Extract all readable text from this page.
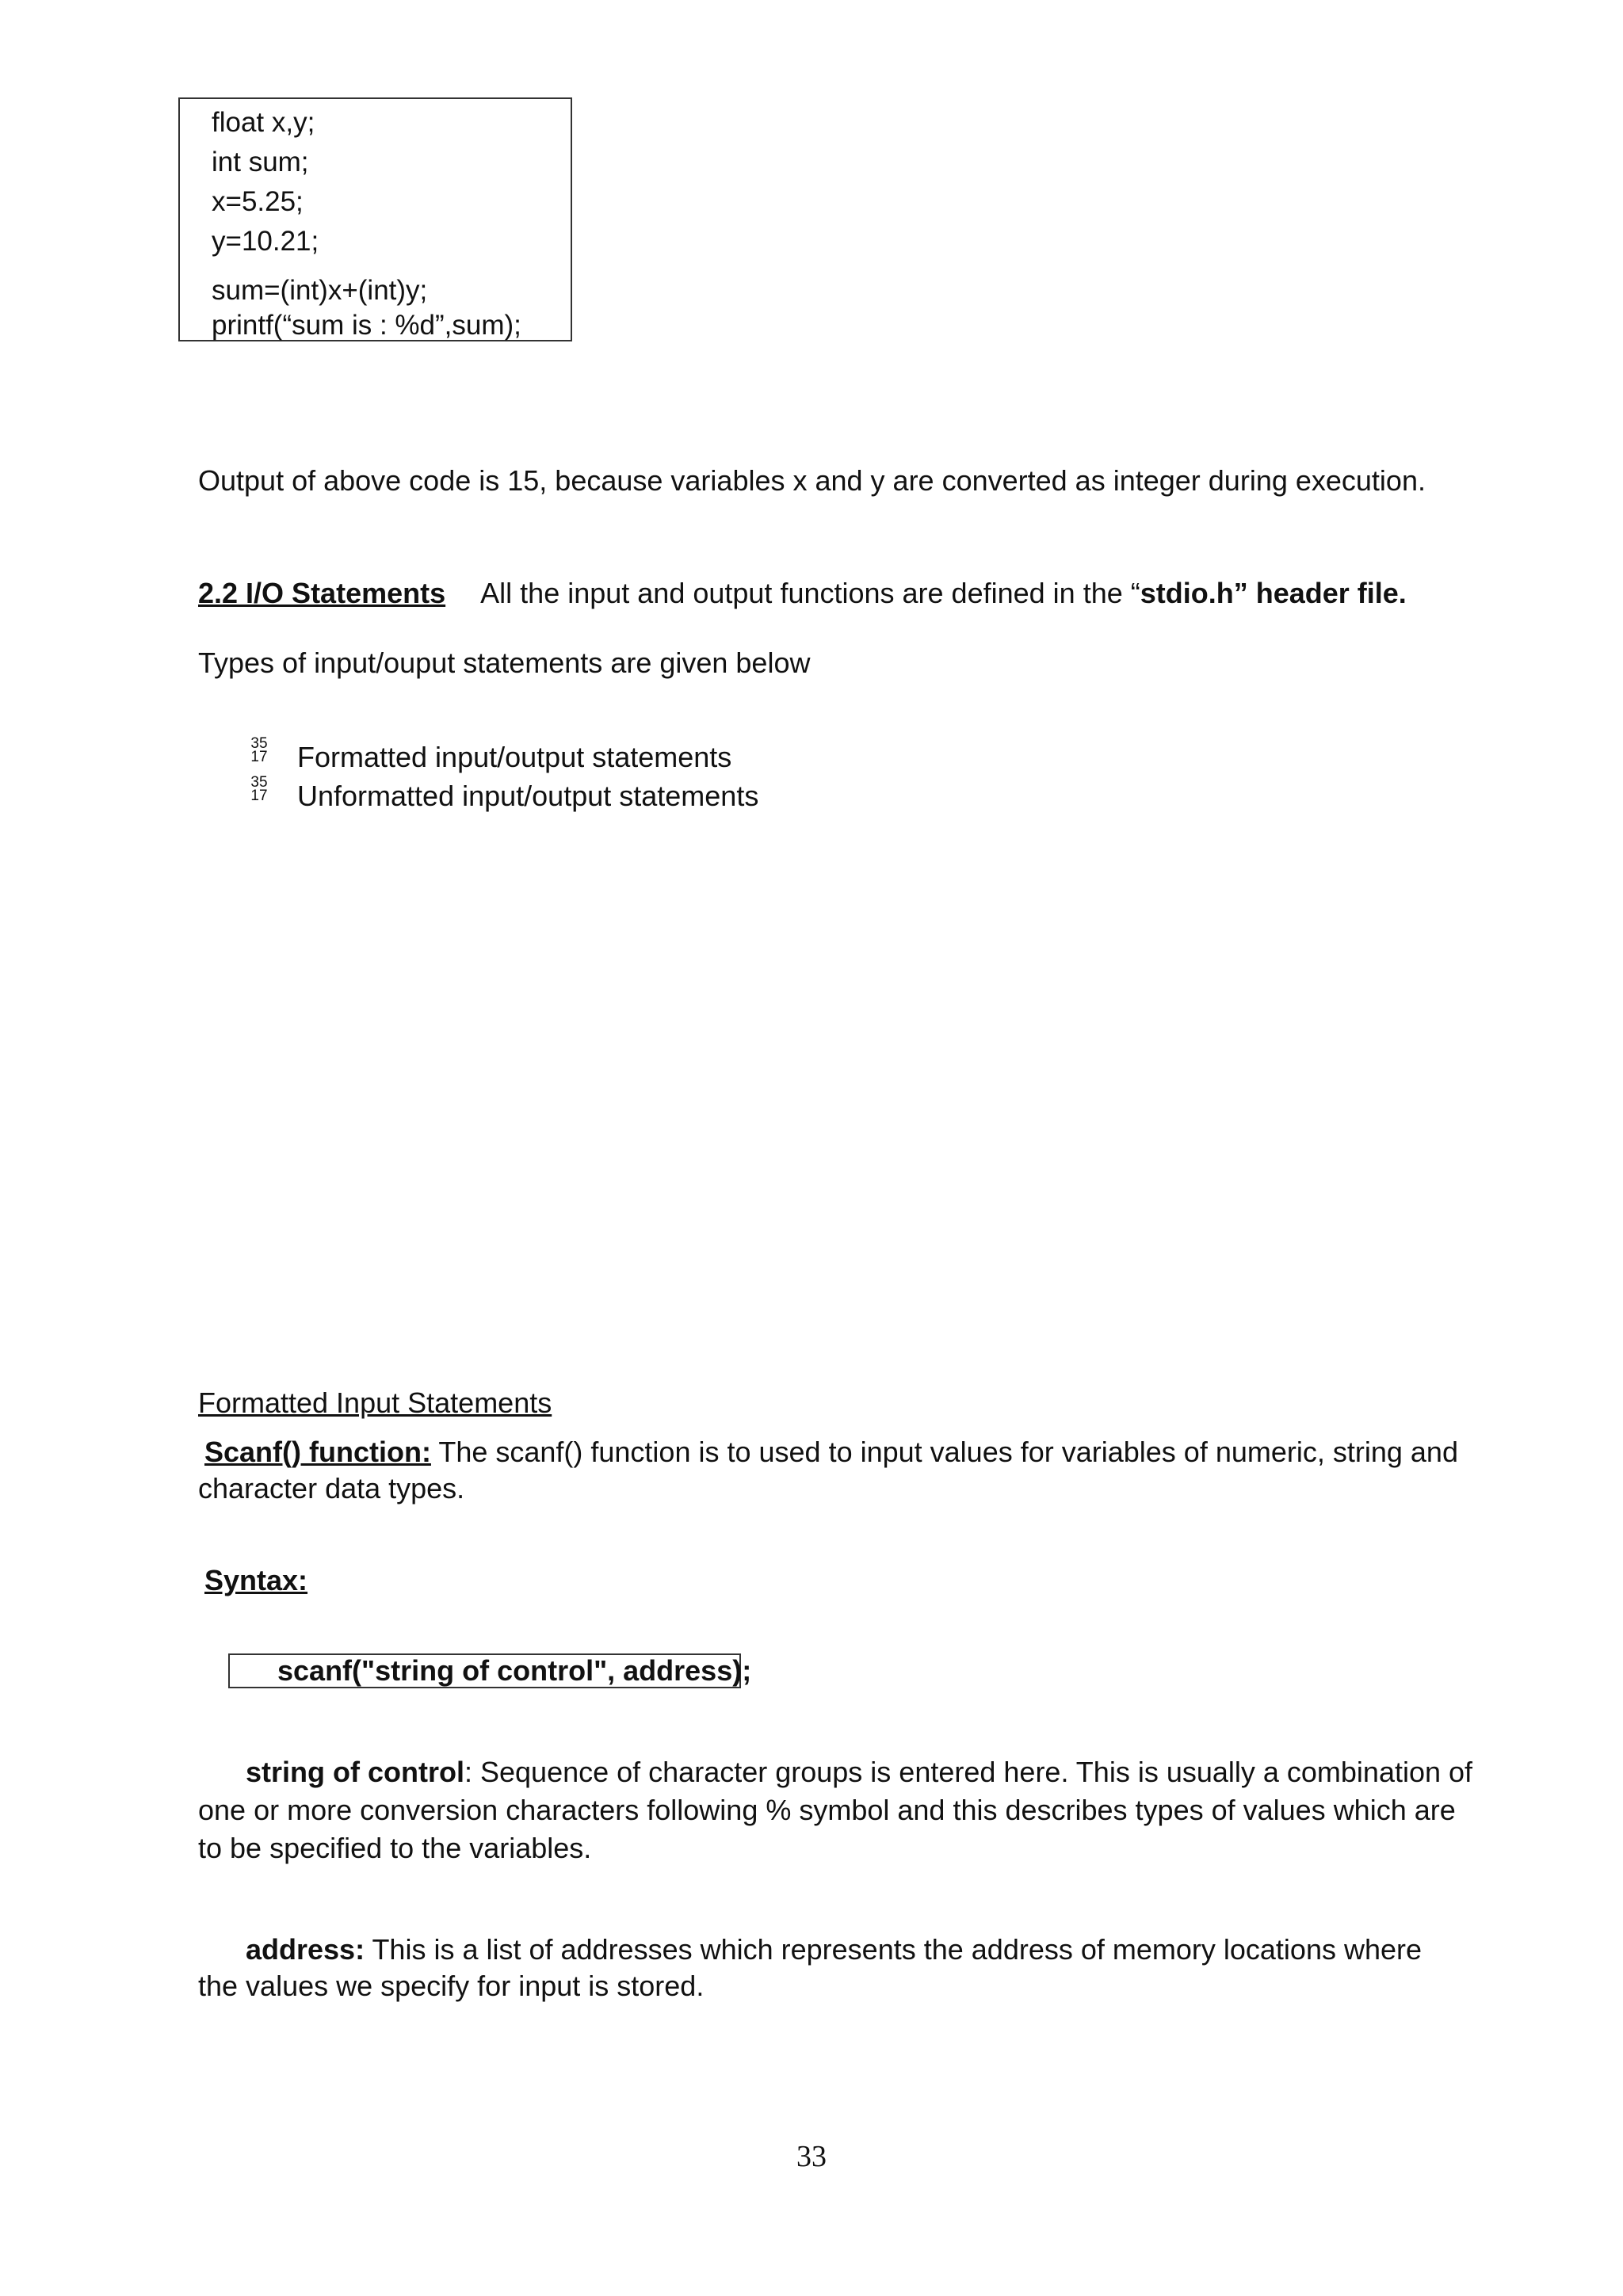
float x,y;
int sum;
x=5.25;
y=10.21;
sum=(int)x+(int)y;
printf(“sum is : %d”,sum);
Output of above code is 15, because variables x and y are converted as integer during execution.
2.2 I/O Statements All the input and output functions are defined in the “stdio.h” header file.
Types of input/ouput statements are given below
35
17 Formatted input/output statements
35
17 Unformatted input/output statements
Formatted Input Statements
Scanf() function: The scanf() function is to used to input values for variables of numeric, string and
character data types.
Syntax:
scanf("string of control", address);
string of control: Sequence of character groups is entered here. This is usually a combination of
one or more conversion characters following % symbol and this describes types of values which are
to be specified to the variables.
address: This is a list of addresses which represents the address of memory locations where
the values we specify for input is stored.
33
